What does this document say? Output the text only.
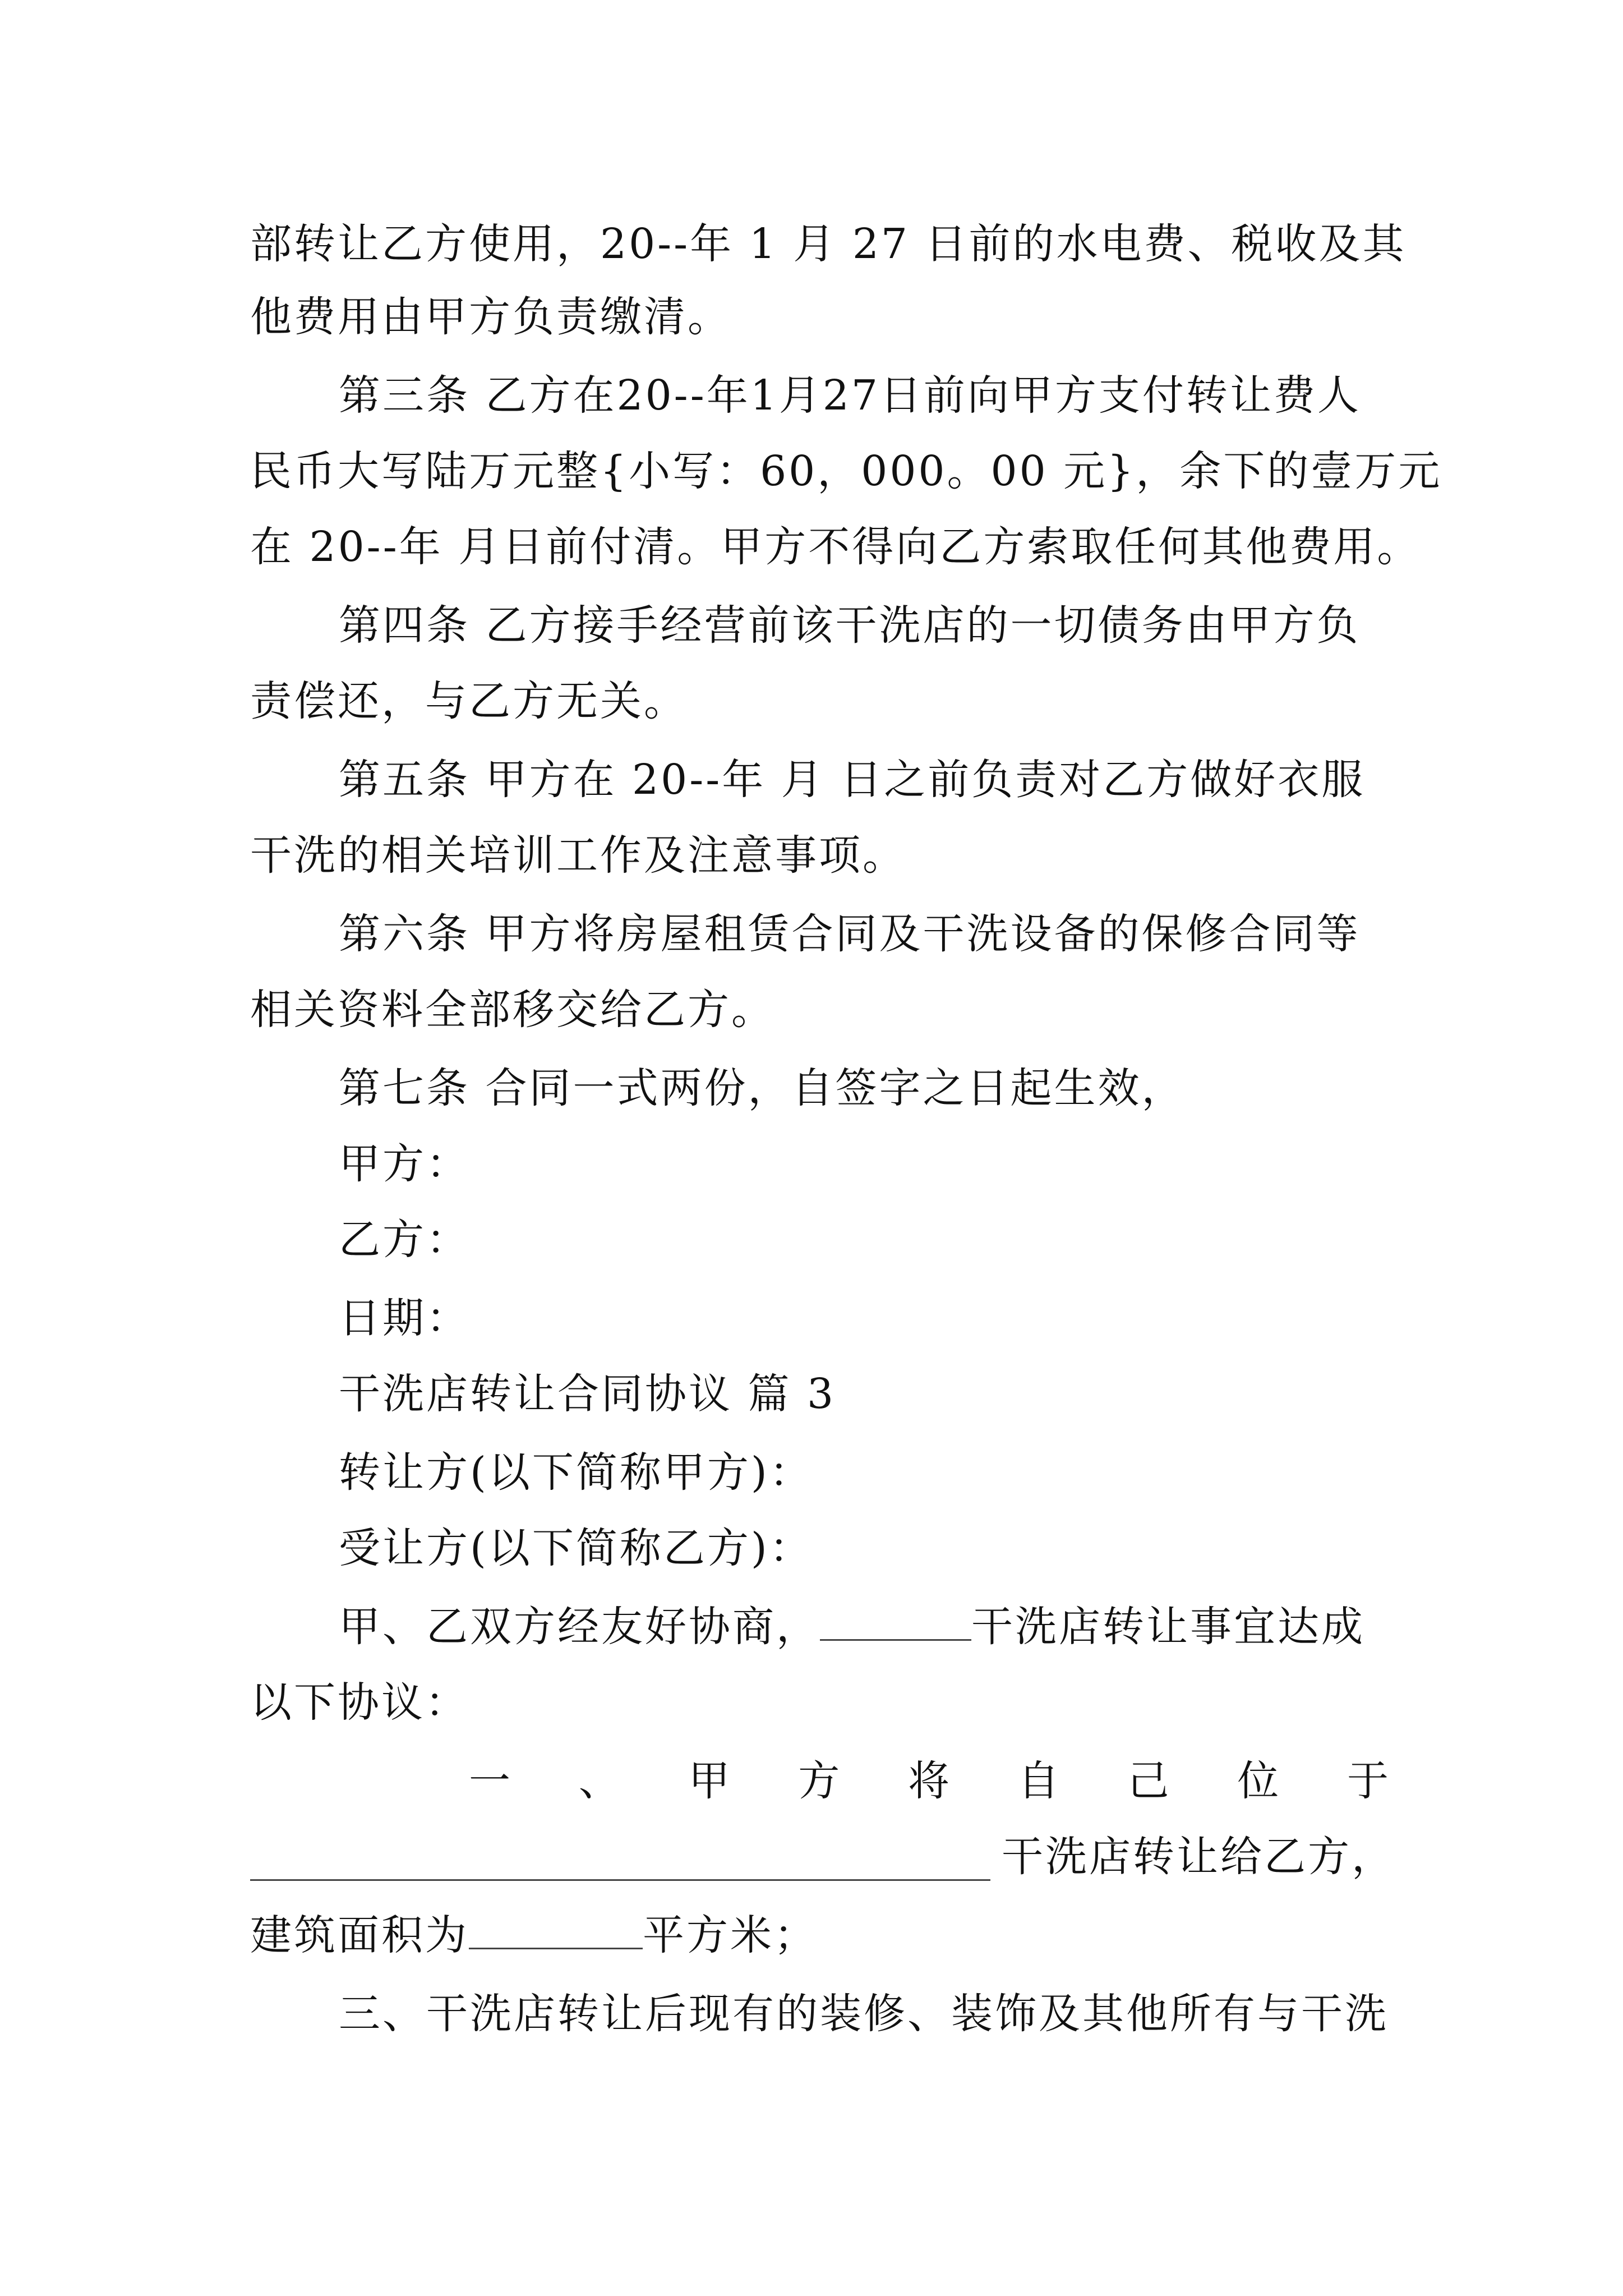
部转让乙方使用，20--年 1 月 27 日前的水电费、税收及其
他费用由甲方负责缴清。
第三条 乙方在20--年1月27日前向甲方支付转让费人
民币大写陆万元整{小写：60，000。00 元}，余下的壹万元
在 20--年 月日前付清。甲方不得向乙方索取任何其他费用。
第四条 乙方接手经营前该干洗店的一切债务由甲方负
责偿还，与乙方无关。
第五条 甲方在 20--年 月 日之前负责对乙方做好衣服
干洗的相关培训工作及注意事项。
第六条 甲方将房屋租赁合同及干洗设备的保修合同等
相关资料全部移交给乙方。
第七条 合同一式两份，自签字之日起生效，
甲方：
乙方：
日期：
干洗店转让合同协议 篇 3
转让方(以下简称甲方)：
受让方(以下简称乙方)：
甲、乙双方经友好协商，	干洗店转让事宜达成
以下协议：
一 、 甲 方 将 自 己 位 于
干洗店转让给乙方，
建筑面积为	平方米；
三、干洗店转让后现有的装修、装饰及其他所有与干洗
